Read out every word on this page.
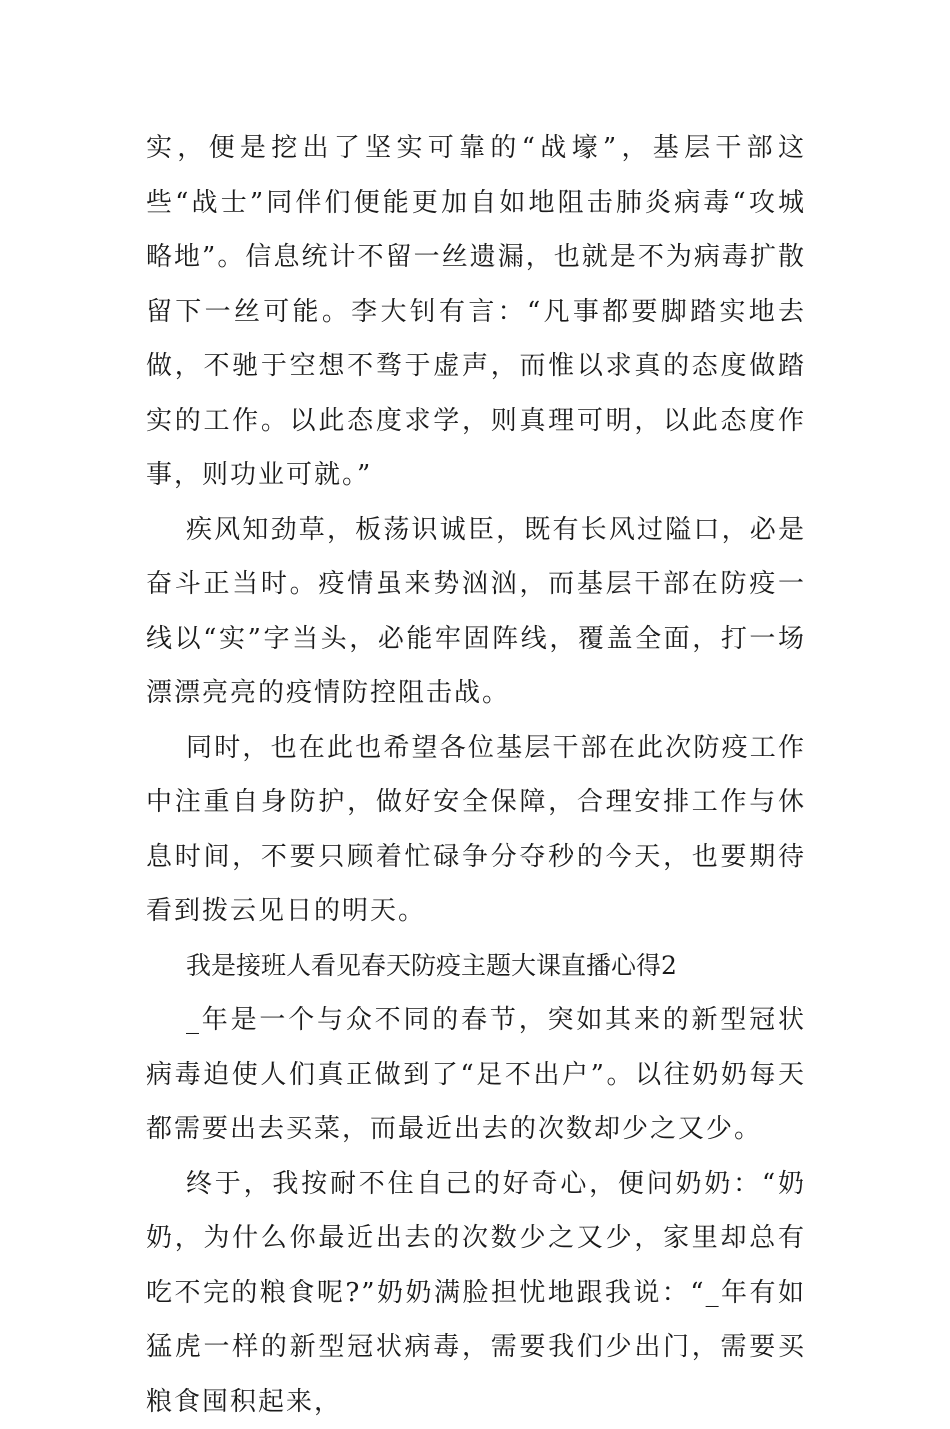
实，便是挖出了坚实可靠的“战壕”，基层干部这些“战士”同伴们便能更加自如地阻击肺炎病毒“攻城略地”。信息统计不留一丝遗漏，也就是不为病毒扩散留下一丝可能。李大钊有言：“凡事都要脚踏实地去做，不驰于空想不骛于虚声，而惟以求真的态度做踏实的工作。以此态度求学，则真理可明，以此态度作事，则功业可就。”

疾风知劲草，板荡识诚臣，既有长风过隘口，必是奋斗正当时。疫情虽来势汹汹，而基层干部在防疫一线以“实”字当头，必能牢固阵线，覆盖全面，打一场漂漂亮亮的疫情防控阻击战。

同时，也在此也希望各位基层干部在此次防疫工作中注重自身防护，做好安全保障，合理安排工作与休息时间，不要只顾着忙碌争分夺秒的今天，也要期待看到拨云见日的明天。

我是接班人看见春天防疫主题大课直播心得2

_年是一个与众不同的春节，突如其来的新型冠状病毒迫使人们真正做到了“足不出户”。以往奶奶每天都需要出去买菜，而最近出去的次数却少之又少。

终于，我按耐不住自己的好奇心，便问奶奶：“奶奶，为什么你最近出去的次数少之又少，家里却总有吃不完的粮食呢?”奶奶满脸担忧地跟我说：“_年有如猛虎一样的新型冠状病毒，需要我们少出门，需要买粮食囤积起来，
